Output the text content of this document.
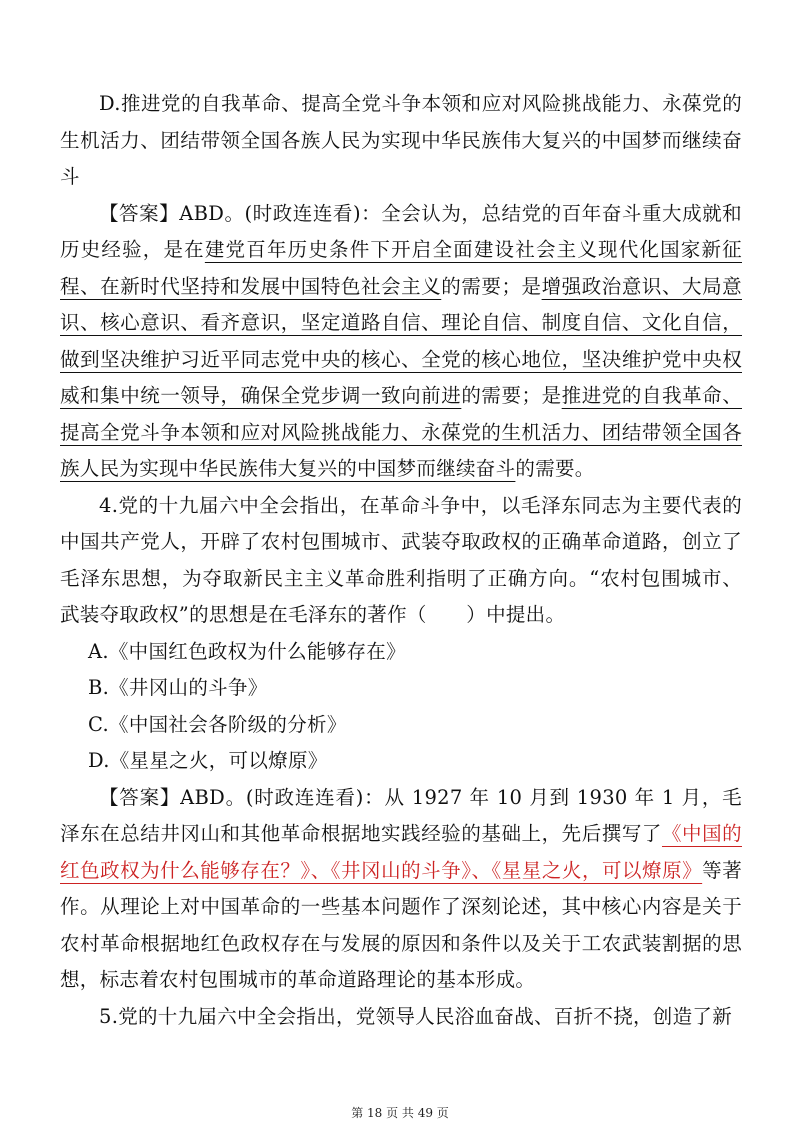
D.推进党的自我革命、提高全党斗争本领和应对风险挑战能力、永葆党的生机活力、团结带领全国各族人民为实现中华民族伟大复兴的中国梦而继续奋斗

【答案】ABD。(时政连连看)：全会认为，总结党的百年奋斗重大成就和历史经验，是在建党百年历史条件下开启全面建设社会主义现代化国家新征程、在新时代坚持和发展中国特色社会主义的需要；是增强政治意识、大局意识、核心意识、看齐意识，坚定道路自信、理论自信、制度自信、文化自信，做到坚决维护习近平同志党中央的核心、全党的核心地位，坚决维护党中央权威和集中统一领导，确保全党步调一致向前进的需要；是推进党的自我革命、提高全党斗争本领和应对风险挑战能力、永葆党的生机活力、团结带领全国各族人民为实现中华民族伟大复兴的中国梦而继续奋斗的需要。

4.党的十九届六中全会指出，在革命斗争中，以毛泽东同志为主要代表的中国共产党人，开辟了农村包围城市、武装夺取政权的正确革命道路，创立了毛泽东思想，为夺取新民主主义革命胜利指明了正确方向。“农村包围城市、武装夺取政权”的思想是在毛泽东的著作（　　）中提出。

A.《中国红色政权为什么能够存在》

B.《井冈山的斗争》

C.《中国社会各阶级的分析》

D.《星星之火，可以燎原》

【答案】ABD。(时政连连看)：从 1927 年 10 月到 1930 年 1 月，毛泽东在总结井冈山和其他革命根据地实践经验的基础上，先后撰写了《中国的红色政权为什么能够存在？》、《井冈山的斗争》、《星星之火，可以燎原》等著作。从理论上对中国革命的一些基本问题作了深刻论述，其中核心内容是关于农村革命根据地红色政权存在与发展的原因和条件以及关于工农武装割据的思想，标志着农村包围城市的革命道路理论的基本形成。

5.党的十九届六中全会指出，党领导人民浴血奋战、百折不挠，创造了新

第 18 页 共 49 页
